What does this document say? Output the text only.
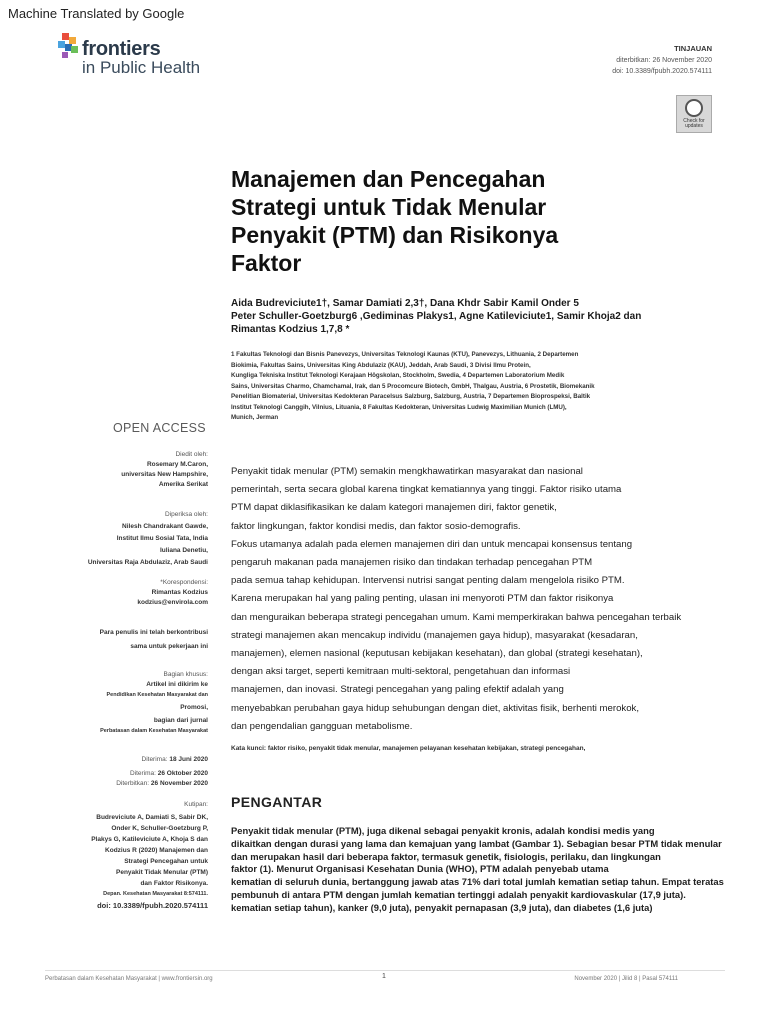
Machine Translated by Google
frontiers
in Public Health
TINJAUAN
diterbitkan: 26 November 2020
doi: 10.3389/fpubh.2020.574111
Check for updates
Manajemen dan Pencegahan Strategi untuk Tidak Menular Penyakit (PTM) dan Risikonya Faktor
Aida Budreviciute1†, Samar Damiati 2,3†, Dana Khdr Sabir Kamil Onder 5
Peter Schuller-Goetzburg6 ,Gediminas Plakys1, Agne Katileviciute1, Samir Khoja2 dan
Rimantas Kodzius 1,7,8 *
1 Fakultas Teknologi dan Bisnis Panevezys, Universitas Teknologi Kaunas (KTU), Panevezys, Lithuania, 2 Departemen
Biokimia, Fakultas Sains, Universitas King Abdulaziz (KAU), Jeddah, Arab Saudi, 3 Divisi Ilmu Protein,
Kungliga Tekniska Institut Teknologi Kerajaan Högskolan, Stockholm, Swedia, 4 Departemen Laboratorium Medik
Sains, Universitas Charmo, Chamchamal, Irak, dan 5 Procomcure Biotech, GmbH, Thalgau, Austria, 6 Prostetik, Biomekanik
Penelitian Biomaterial, Universitas Kedokteran Paracelsus Salzburg, Salzburg, Austria, 7 Departemen Bioprospeksi, Baltik
Institut Teknologi Canggih, Vilnius, Lituania, 8 Fakultas Kedokteran, Universitas Ludwig Maximilian Munich (LMU),
Munich, Jerman
OPEN ACCESS
Diedit oleh:
Rosemary M.Caron,
universitas New Hampshire,
Amerika Serikat
Diperiksa oleh:
Nilesh Chandrakant Gawde,
Institut Ilmu Sosial Tata, India
Iuliana Denetiu,
Universitas Raja Abdulaziz, Arab Saudi
*Korespondensi:
Rimantas Kodzius
kodzius@envirola.com
Para penulis ini telah berkontribusi
sama untuk pekerjaan ini
Bagian khusus:
Artikel ini dikirim ke
Pendidikan Kesehatan Masyarakat dan
Promosi,
bagian dari jurnal
Perbatasan dalam Kesehatan Masyarakat
Diterima: 18 Juni 2020
Diterima: 26 Oktober 2020
Diterbitkan: 26 November 2020
Kutipan:
Budreviciute A, Damiati S, Sabir DK,
Onder K, Schuller-Goetzburg P,
Plakys G, Katileviciute A, Khoja S dan
Kodzius R (2020) Manajemen dan
Strategi Pencegahan untuk
Penyakit Tidak Menular (PTM)
dan Faktor Risikonya.
Depan. Kesehatan Masyarakat 8:574111.
doi: 10.3389/fpubh.2020.574111
Penyakit tidak menular (PTM) semakin mengkhawatirkan masyarakat dan nasional
pemerintah, serta secara global karena tingkat kematiannya yang tinggi. Faktor risiko utama
PTM dapat diklasifikasikan ke dalam kategori manajemen diri, faktor genetik,
faktor lingkungan, faktor kondisi medis, dan faktor sosio-demografis.
Fokus utamanya adalah pada elemen manajemen diri dan untuk mencapai konsensus tentang
pengaruh makanan pada manajemen risiko dan tindakan terhadap pencegahan PTM
pada semua tahap kehidupan. Intervensi nutrisi sangat penting dalam mengelola risiko PTM.
Karena merupakan hal yang paling penting, ulasan ini menyoroti PTM dan faktor risikonya
dan menguraikan beberapa strategi pencegahan umum. Kami memperkirakan bahwa pencegahan terbaik
strategi manajemen akan mencakup individu (manajemen gaya hidup), masyarakat (kesadaran,
manajemen), elemen nasional (keputusan kebijakan kesehatan), dan global (strategi kesehatan),
dengan aksi target, seperti kemitraan multi-sektoral, pengetahuan dan informasi
manajemen, dan inovasi. Strategi pencegahan yang paling efektif adalah yang
menyebabkan perubahan gaya hidup sehubungan dengan diet, aktivitas fisik, berhenti merokok,
dan pengendalian gangguan metabolisme.
Kata kunci: faktor risiko, penyakit tidak menular, manajemen pelayanan kesehatan kebijakan, strategi pencegahan,
PENGANTAR
Penyakit tidak menular (PTM), juga dikenal sebagai penyakit kronis, adalah kondisi medis yang
dikaitkan dengan durasi yang lama dan kemajuan yang lambat (Gambar 1). Sebagian besar PTM tidak menular
dan merupakan hasil dari beberapa faktor, termasuk genetik, fisiologis, perilaku, dan lingkungan
faktor (1). Menurut Organisasi Kesehatan Dunia (WHO), PTM adalah penyebab utama
kematian di seluruh dunia, bertanggung jawab atas 71% dari total jumlah kematian setiap tahun. Empat teratas
pembunuh di antara PTM dengan jumlah kematian tertinggi adalah penyakit kardiovaskular (17,9 juta).
kematian setiap tahun), kanker (9,0 juta), penyakit pernapasan (3,9 juta), dan diabetes (1,6 juta)
Perbatasan dalam Kesehatan Masyarakat | www.frontiersin.org	1	November 2020 | Jilid 8 | Pasal 574111
